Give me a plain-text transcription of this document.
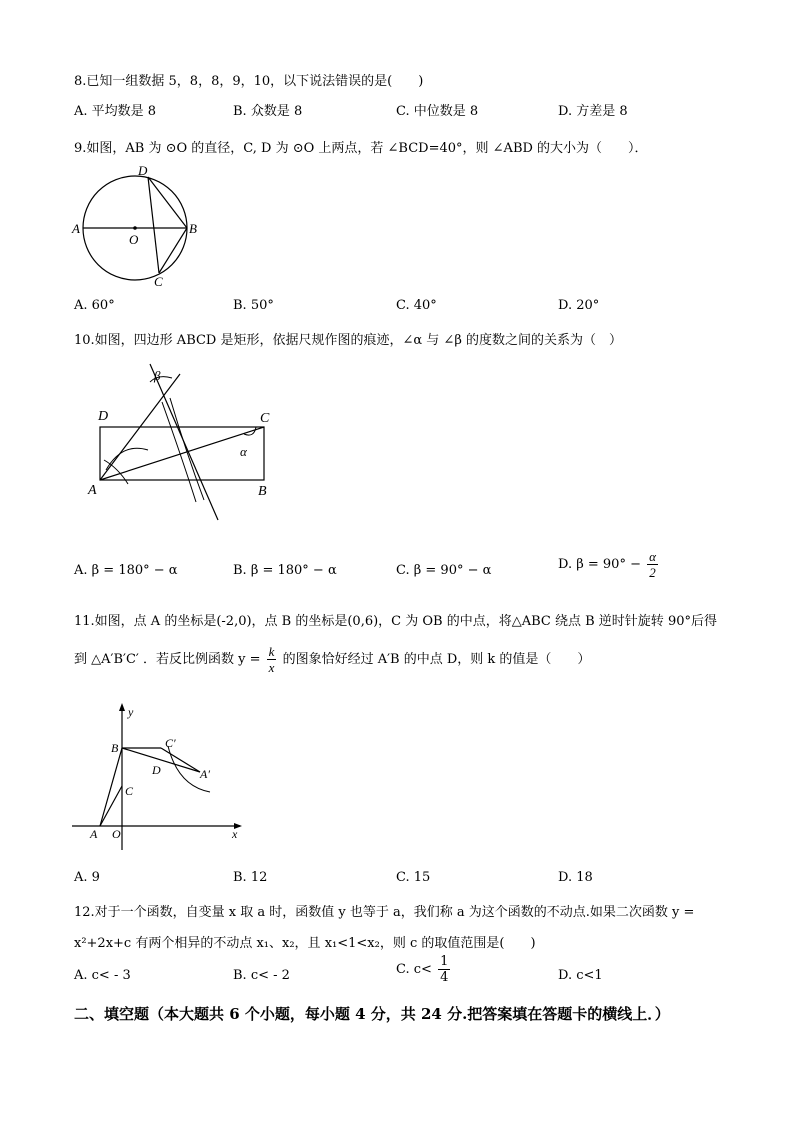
8.已知一组数据 5，8，8，9，10，以下说法错误的是(　　)
A. 平均数是 8	B. 众数是 8	C. 中位数是 8	D. 方差是 8
9.如图，AB 为 ⊙O 的直径，C, D 为 ⊙O 上两点，若 ∠BCD=40°，则 ∠ABD 的大小为（　　）．
A	B
C
D
O
A. 60°	B. 50°	C. 40°	D. 20°
10.如图，四边形 ABCD 是矩形，依据尺规作图的痕迹，∠α 与 ∠β 的度数之间的关系为（　）
D	C
A	B
α
β
A. β = 180° − α	B. β = 180° − α	C. β = 90° − α	D. $\beta = 90^\circ - \frac{\alpha}{2}$
11.如图，点 A 的坐标是(-2,0)，点 B 的坐标是(0,6)，C 为 OB 的中点，将△ABC 绕点 B 逆时针旋转 90°后得
到 △A′B′C′ ．若反比例函数 $y = \frac{k}{x}$ 的图象恰好经过 A′B 的中点 D，则 k 的值是（　　）
y
x
B
C
C′
D	A′
A O
A. 9	B. 12	C. 15	D. 18
12.对于一个函数，自变量 x 取 a 时，函数值 y 也等于 a，我们称 a 为这个函数的不动点.如果二次函数 y =
x²+2x+c 有两个相异的不动点 x₁、x₂，且 x₁<1<x₂，则 c 的取值范围是(　　)
A. c< - 3	B. c< - 2	C. $c< \frac{1}{4}$	D. c<1
二、填空题（本大题共 6 个小题，每小题 4 分，共 24 分.把答案填在答题卡的横线上．）
